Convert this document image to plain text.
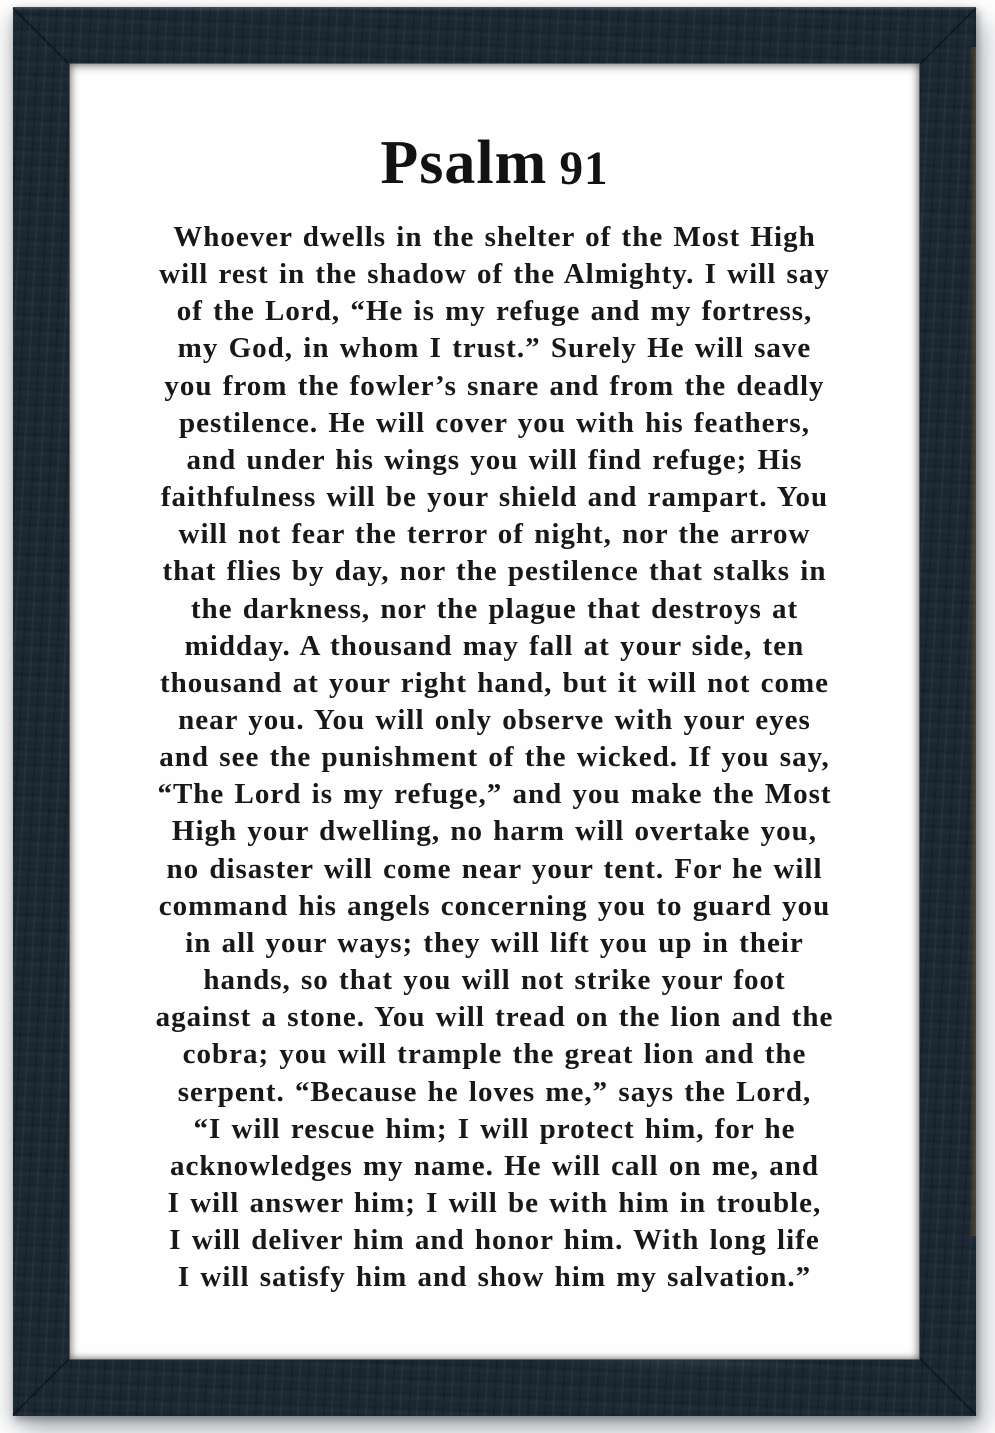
Psalm 91
Whoever dwells in the shelter of the Most High
will rest in the shadow of the Almighty. I will say
of the Lord, “He is my refuge and my fortress,
my God, in whom I trust.” Surely He will save
you from the fowler’s snare and from the deadly
pestilence. He will cover you with his feathers,
and under his wings you will find refuge; His
faithfulness will be your shield and rampart. You
will not fear the terror of night, nor the arrow
that flies by day, nor the pestilence that stalks in
the darkness, nor the plague that destroys at
midday. A thousand may fall at your side, ten
thousand at your right hand, but it will not come
near you. You will only observe with your eyes
and see the punishment of the wicked. If you say,
“The Lord is my refuge,” and you make the Most
High your dwelling, no harm will overtake you,
no disaster will come near your tent. For he will
command his angels concerning you to guard you
in all your ways; they will lift you up in their
hands, so that you will not strike your foot
against a stone. You will tread on the lion and the
cobra; you will trample the great lion and the
serpent. “Because he loves me,” says the Lord,
“I will rescue him; I will protect him, for he
acknowledges my name. He will call on me, and
I will answer him; I will be with him in trouble,
I will deliver him and honor him. With long life
I will satisfy him and show him my salvation.”
